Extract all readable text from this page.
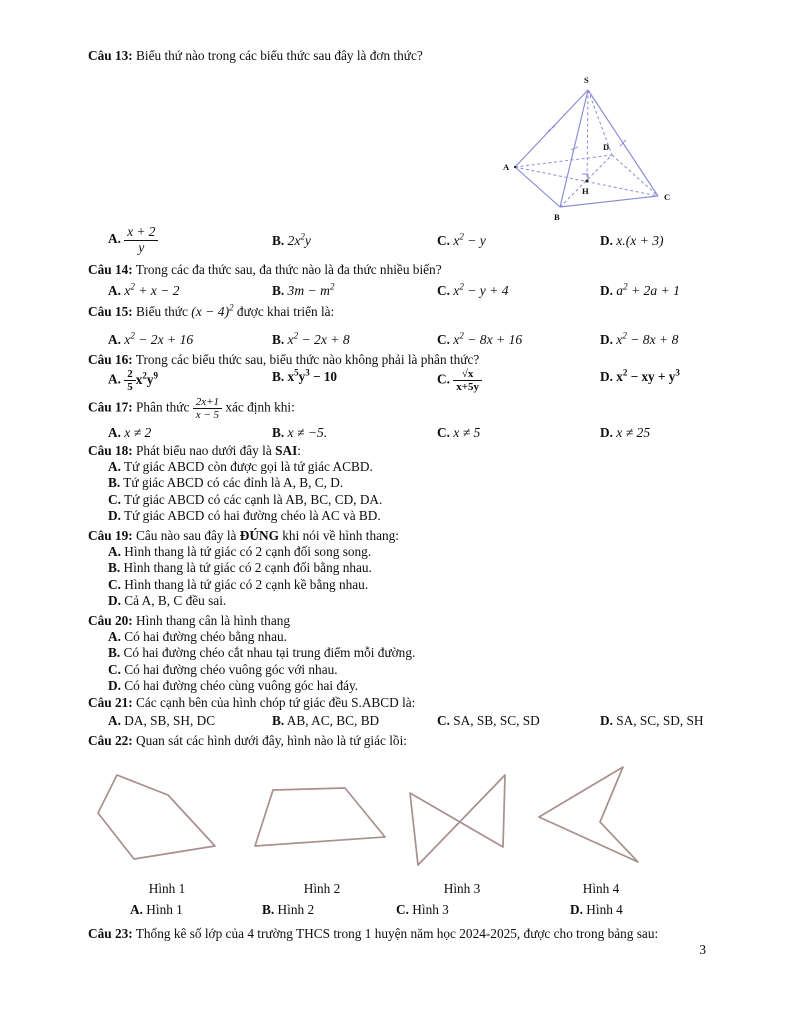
Câu 13: Biểu thứ nào trong các biểu thức sau đây là đơn thức?
S
A
B
C
D
H
A. $\frac{x + 2}{y}$	B. $2x^2y$	C. $x^2 - y$	D. x.(x + 3)
Câu 14: Trong các đa thức sau, đa thức nào là đa thức nhiều biến?
A. $x^2 + x - 2$	B. $3m - m^2$	C. $x^2 - y + 4$	D. $a^2 + 2a + 1$
Câu 15: Biểu thức $(x - 4)^2$ được khai triển là:
A. $x^2 - 2x + 16$	B. $x^2 - 2x + 8$	C. $x^2 - 8x + 16$	D. $x^2 - 8x + 8$
Câu 16: Trong các biểu thức sau, biểu thức nào không phải là phân thức?
A. $\frac{2}{5} x^2y^9$	B. $x^5y^3 - 10$	C. $\frac{√x}{x+5y}$	D. $x^2$ − xy + $y^3$
Câu 17: Phân thức $\frac{2x+1}{x - 5}$ xác định khi:
A. x ≠ 2	B. x ≠ −5.	C. x ≠ 5	D. x ≠ 25
Câu 18: Phát biểu nao dưới đây là SAI:
A. Tứ giác ABCD còn được gọi là tứ giác ACBD.
B. Tứ giác ABCD có các đỉnh là A, B, C, D.
C. Tứ giác ABCD có các cạnh là AB, BC, CD, DA.
D. Tứ giác ABCD có hai đường chéo là AC và BD.
Câu 19: Câu nào sau đây là ĐÚNG khi nói về hình thang:
A. Hình thang là tứ giác có 2 cạnh đối song song.
B. Hình thang là tứ giác có 2 cạnh đối bằng nhau.
C. Hình thang là tứ giác có 2 cạnh kề bằng nhau.
D. Cả A, B, C đều sai.
Câu 20: Hình thang cân là hình thang
A. Có hai đường chéo bằng nhau.
B. Có hai đường chéo cắt nhau tại trung điểm mỗi đường.
C. Có hai đường chéo vuông góc với nhau.
D. Có hai đường chéo cùng vuông góc hai đáy.
Câu 21: Các cạnh bên của hình chóp tứ giác đều S.ABCD là:
A. DA, SB, SH, DC	B. AB, AC, BC, BD	C. SA, SB, SC, SD	D. SA, SC, SD, SH
Câu 22: Quan sát các hình dưới đây, hình nào là tứ giác lồi:
Hình 1	Hình 2	Hình 3	Hình 4
A. Hình 1	B. Hình 2	C. Hình 3	D. Hình 4
Câu 23: Thống kê số lớp của 4 trường THCS trong 1 huyện năm học 2024-2025, được cho trong bảng sau:
3
